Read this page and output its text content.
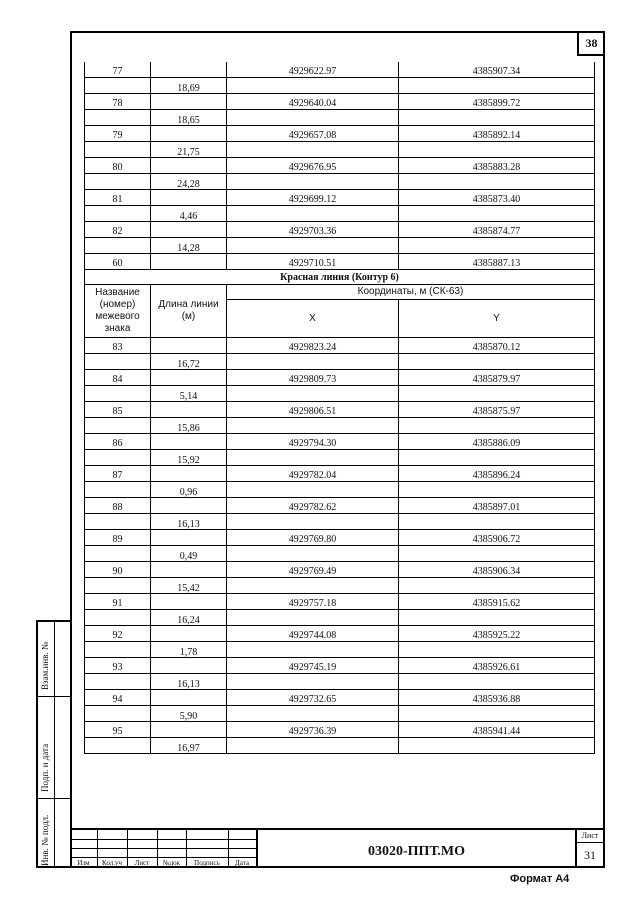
38
77		4929622.97	4385907.34
	18,69		
78		4929640.04	4385899.72
	18,65		
79		4929657.08	4385892.14
	21,75		
80		4929676.95	4385883.28
	24,28		
81		4929699.12	4385873.40
	4,46		
82		4929703.36	4385874.77
	14,28		
60		4929710.51	4385887.13
Красная линия (Контур 6)			
Название (номер) межевого знака	Длина линии (м)	Координаты, м (СК-63)	
		X	Y
83		4929823.24	4385870.12
	16,72		
84		4929809.73	4385879.97
	5,14		
85		4929806.51	4385875.97
	15,86		
86		4929794.30	4385886.09
	15,92		
87		4929782.04	4385896.24
	0,96		
88		4929782.62	4385897.01
	16,13		
89		4929769.80	4385906.72
	0,49		
90		4929769.49	4385906.34
	15,42		
91		4929757.18	4385915.62
	16,24		
92		4929744.08	4385925.22
	1,78		
93		4929745.19	4385926.61
	16,13		
94		4929732.65	4385936.88
	5,90		
95		4929736.39	4385941.44
	16,97		
Взам.инв. №
Подп. и дата
Инв. № подл.	Изм	Кол.уч	Лист	№док	Подпись	Дата
03020-ППТ.МО
Лист
31
Формат А4
